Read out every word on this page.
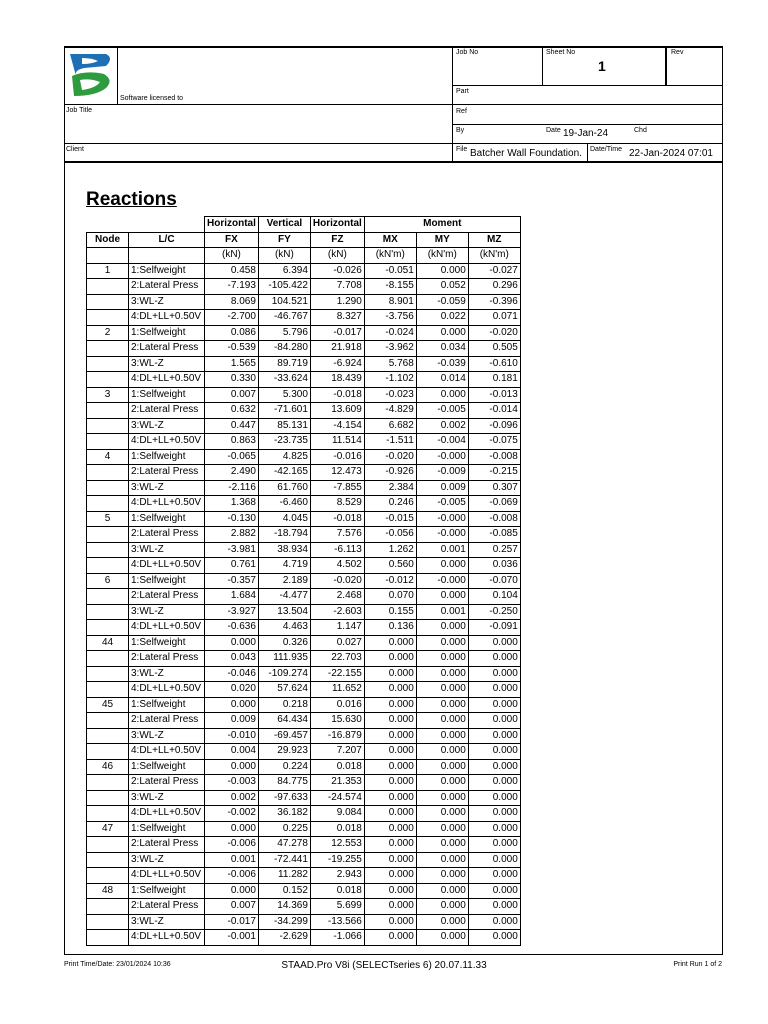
Software licensed to
Job Title
Client
Job No	Sheet No
1
Rev
Part
Ref
By	Date 19-Jan-24	Chd
File Batcher Wall Foundation. Date/Time 22-Jan-2024 07:01
Reactions
		Horizontal	Vertical	Horizontal	Moment		
Node	L/C	FX	FY	FZ	MX	MY	MZ
		(kN)	(kN)	(kN)	(kN'm)	(kN'm)	(kN'm)
1	1:Selfweight	0.458	6.394	-0.026	-0.051	0.000	-0.027
	2:Lateral Press	-7.193	-105.422	7.708	-8.155	0.052	0.296
	3:WL-Z	8.069	104.521	1.290	8.901	-0.059	-0.396
	4:DL+LL+0.50V	-2.700	-46.767	8.327	-3.756	0.022	0.071
2	1:Selfweight	0.086	5.796	-0.017	-0.024	0.000	-0.020
	2:Lateral Press	-0.539	-84.280	21.918	-3.962	0.034	0.505
	3:WL-Z	1.565	89.719	-6.924	5.768	-0.039	-0.610
	4:DL+LL+0.50V	0.330	-33.624	18.439	-1.102	0.014	0.181
3	1:Selfweight	0.007	5.300	-0.018	-0.023	0.000	-0.013
	2:Lateral Press	0.632	-71.601	13.609	-4.829	-0.005	-0.014
	3:WL-Z	0.447	85.131	-4.154	6.682	0.002	-0.096
	4:DL+LL+0.50V	0.863	-23.735	11.514	-1.511	-0.004	-0.075
4	1:Selfweight	-0.065	4.825	-0.016	-0.020	-0.000	-0.008
	2:Lateral Press	2.490	-42.165	12.473	-0.926	-0.009	-0.215
	3:WL-Z	-2.116	61.760	-7.855	2.384	0.009	0.307
	4:DL+LL+0.50V	1.368	-6.460	8.529	0.246	-0.005	-0.069
5	1:Selfweight	-0.130	4.045	-0.018	-0.015	-0.000	-0.008
	2:Lateral Press	2.882	-18.794	7.576	-0.056	-0.000	-0.085
	3:WL-Z	-3.981	38.934	-6.113	1.262	0.001	0.257
	4:DL+LL+0.50V	0.761	4.719	4.502	0.560	0.000	0.036
6	1:Selfweight	-0.357	2.189	-0.020	-0.012	-0.000	-0.070
	2:Lateral Press	1.684	-4.477	2.468	0.070	0.000	0.104
	3:WL-Z	-3.927	13.504	-2.603	0.155	0.001	-0.250
	4:DL+LL+0.50V	-0.636	4.463	1.147	0.136	0.000	-0.091
44	1:Selfweight	0.000	0.326	0.027	0.000	0.000	0.000
	2:Lateral Press	0.043	111.935	22.703	0.000	0.000	0.000
	3:WL-Z	-0.046	-109.274	-22.155	0.000	0.000	0.000
	4:DL+LL+0.50V	0.020	57.624	11.652	0.000	0.000	0.000
45	1:Selfweight	0.000	0.218	0.016	0.000	0.000	0.000
	2:Lateral Press	0.009	64.434	15.630	0.000	0.000	0.000
	3:WL-Z	-0.010	-69.457	-16.879	0.000	0.000	0.000
	4:DL+LL+0.50V	0.004	29.923	7.207	0.000	0.000	0.000
46	1:Selfweight	0.000	0.224	0.018	0.000	0.000	0.000
	2:Lateral Press	-0.003	84.775	21.353	0.000	0.000	0.000
	3:WL-Z	0.002	-97.633	-24.574	0.000	0.000	0.000
	4:DL+LL+0.50V	-0.002	36.182	9.084	0.000	0.000	0.000
47	1:Selfweight	0.000	0.225	0.018	0.000	0.000	0.000
	2:Lateral Press	-0.006	47.278	12.553	0.000	0.000	0.000
	3:WL-Z	0.001	-72.441	-19.255	0.000	0.000	0.000
	4:DL+LL+0.50V	-0.006	11.282	2.943	0.000	0.000	0.000
48	1:Selfweight	0.000	0.152	0.018	0.000	0.000	0.000
	2:Lateral Press	0.007	14.369	5.699	0.000	0.000	0.000
	3:WL-Z	-0.017	-34.299	-13.566	0.000	0.000	0.000
	4:DL+LL+0.50V	-0.001	-2.629	-1.066	0.000	0.000	0.000
Print Time/Date: 23/01/2024 10:36	STAAD.Pro V8i (SELECTseries 6) 20.07.11.33	Print Run 1 of 2
